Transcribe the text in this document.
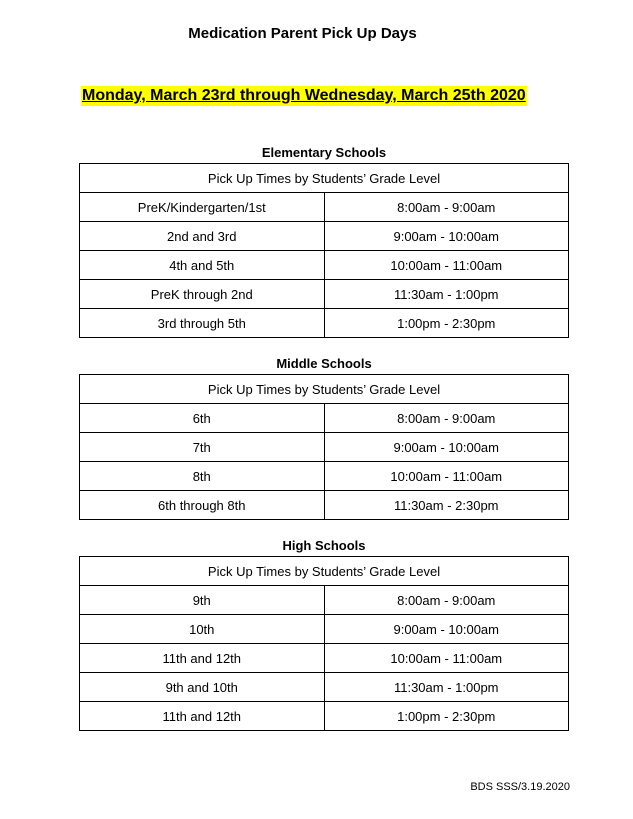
Medication Parent Pick Up Days
Monday, March 23rd through Wednesday, March 25th 2020
Elementary Schools
Pick Up Times by Students’ Grade Level	
PreK/Kindergarten/1st	8:00am - 9:00am
2nd and 3rd	9:00am - 10:00am
4th and 5th	10:00am - 11:00am
PreK through 2nd	11:30am - 1:00pm
3rd through 5th	1:00pm - 2:30pm
Middle Schools
Pick Up Times by Students’ Grade Level	
6th	8:00am - 9:00am
7th	9:00am - 10:00am
8th	10:00am - 11:00am
6th through 8th	11:30am - 2:30pm
High Schools
Pick Up Times by Students’ Grade Level	
9th	8:00am - 9:00am
10th	9:00am - 10:00am
11th and 12th	10:00am - 11:00am
9th and 10th	11:30am - 1:00pm
11th and 12th	1:00pm - 2:30pm
BDS SSS/3.19.2020
